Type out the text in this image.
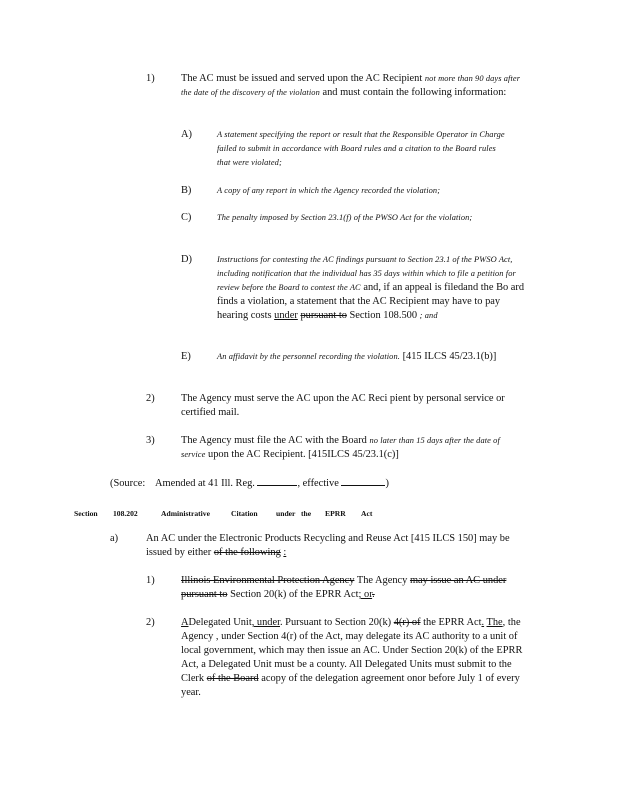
1)	The AC must be issued and served upon the AC Recipient not more than 90 days after the date of the discovery of the violation and must contain the following information:
A)	A statement specifying the report or result that the Responsible Operator in Charge failed to submit in accordance with Board rules and a citation to the Board rules that were violated;
B)	A copy of any report in which the Agency recorded the violation;
C)	The penalty imposed by Section 23.1(f) of the PWSO Act for the violation;
D)	Instructions for contesting the AC findings pursuant to Section 23.1 of the PWSO Act, including notification that the individual has 35 days within which to file a petition for review before the Board to contest the AC and, if an appeal is filedand the Bo ard finds a violation, a statement that the AC Recipient may have to pay hearing costs under pursuant to Section 108.500 ; and
E)	An affidavit by the personnel recording the violation. [415 ILCS 45/23.1(b)]
2)	The Agency must serve the AC upon the AC Reci pient by personal service or certified mail.
3)	The Agency must file the AC with the Board no later than 15 days after the date of service upon the AC Recipient. [415ILCS 45/23.1(c)]
(Source: Amended at 41 Ill. Reg.	, effective	)
Section 108.202	Administrative	Citation under the EPRR Act
a)	An AC under the Electronic Products Recycling and Reuse Act [415 ILCS 150] may be issued by either of the following :
1)	Illinois Environmental Protection Agency The Agency may issue an AC under pursuant to Section 20(k) of the EPRR Act; or.
2)	ADelegated Unit, under. Pursuant to Section 20(k) 4(r) of the EPRR Act. The, the Agency , under Section 4(r) of the Act, may delegate its AC authority to a unit of local government, which may then issue an AC. Under Section 20(k) of the EPRR Act, a Delegated Unit must be a county. All Delegated Units must submit to the Clerk of the Board acopy of the delegation agreement onor before July 1 of every year.
